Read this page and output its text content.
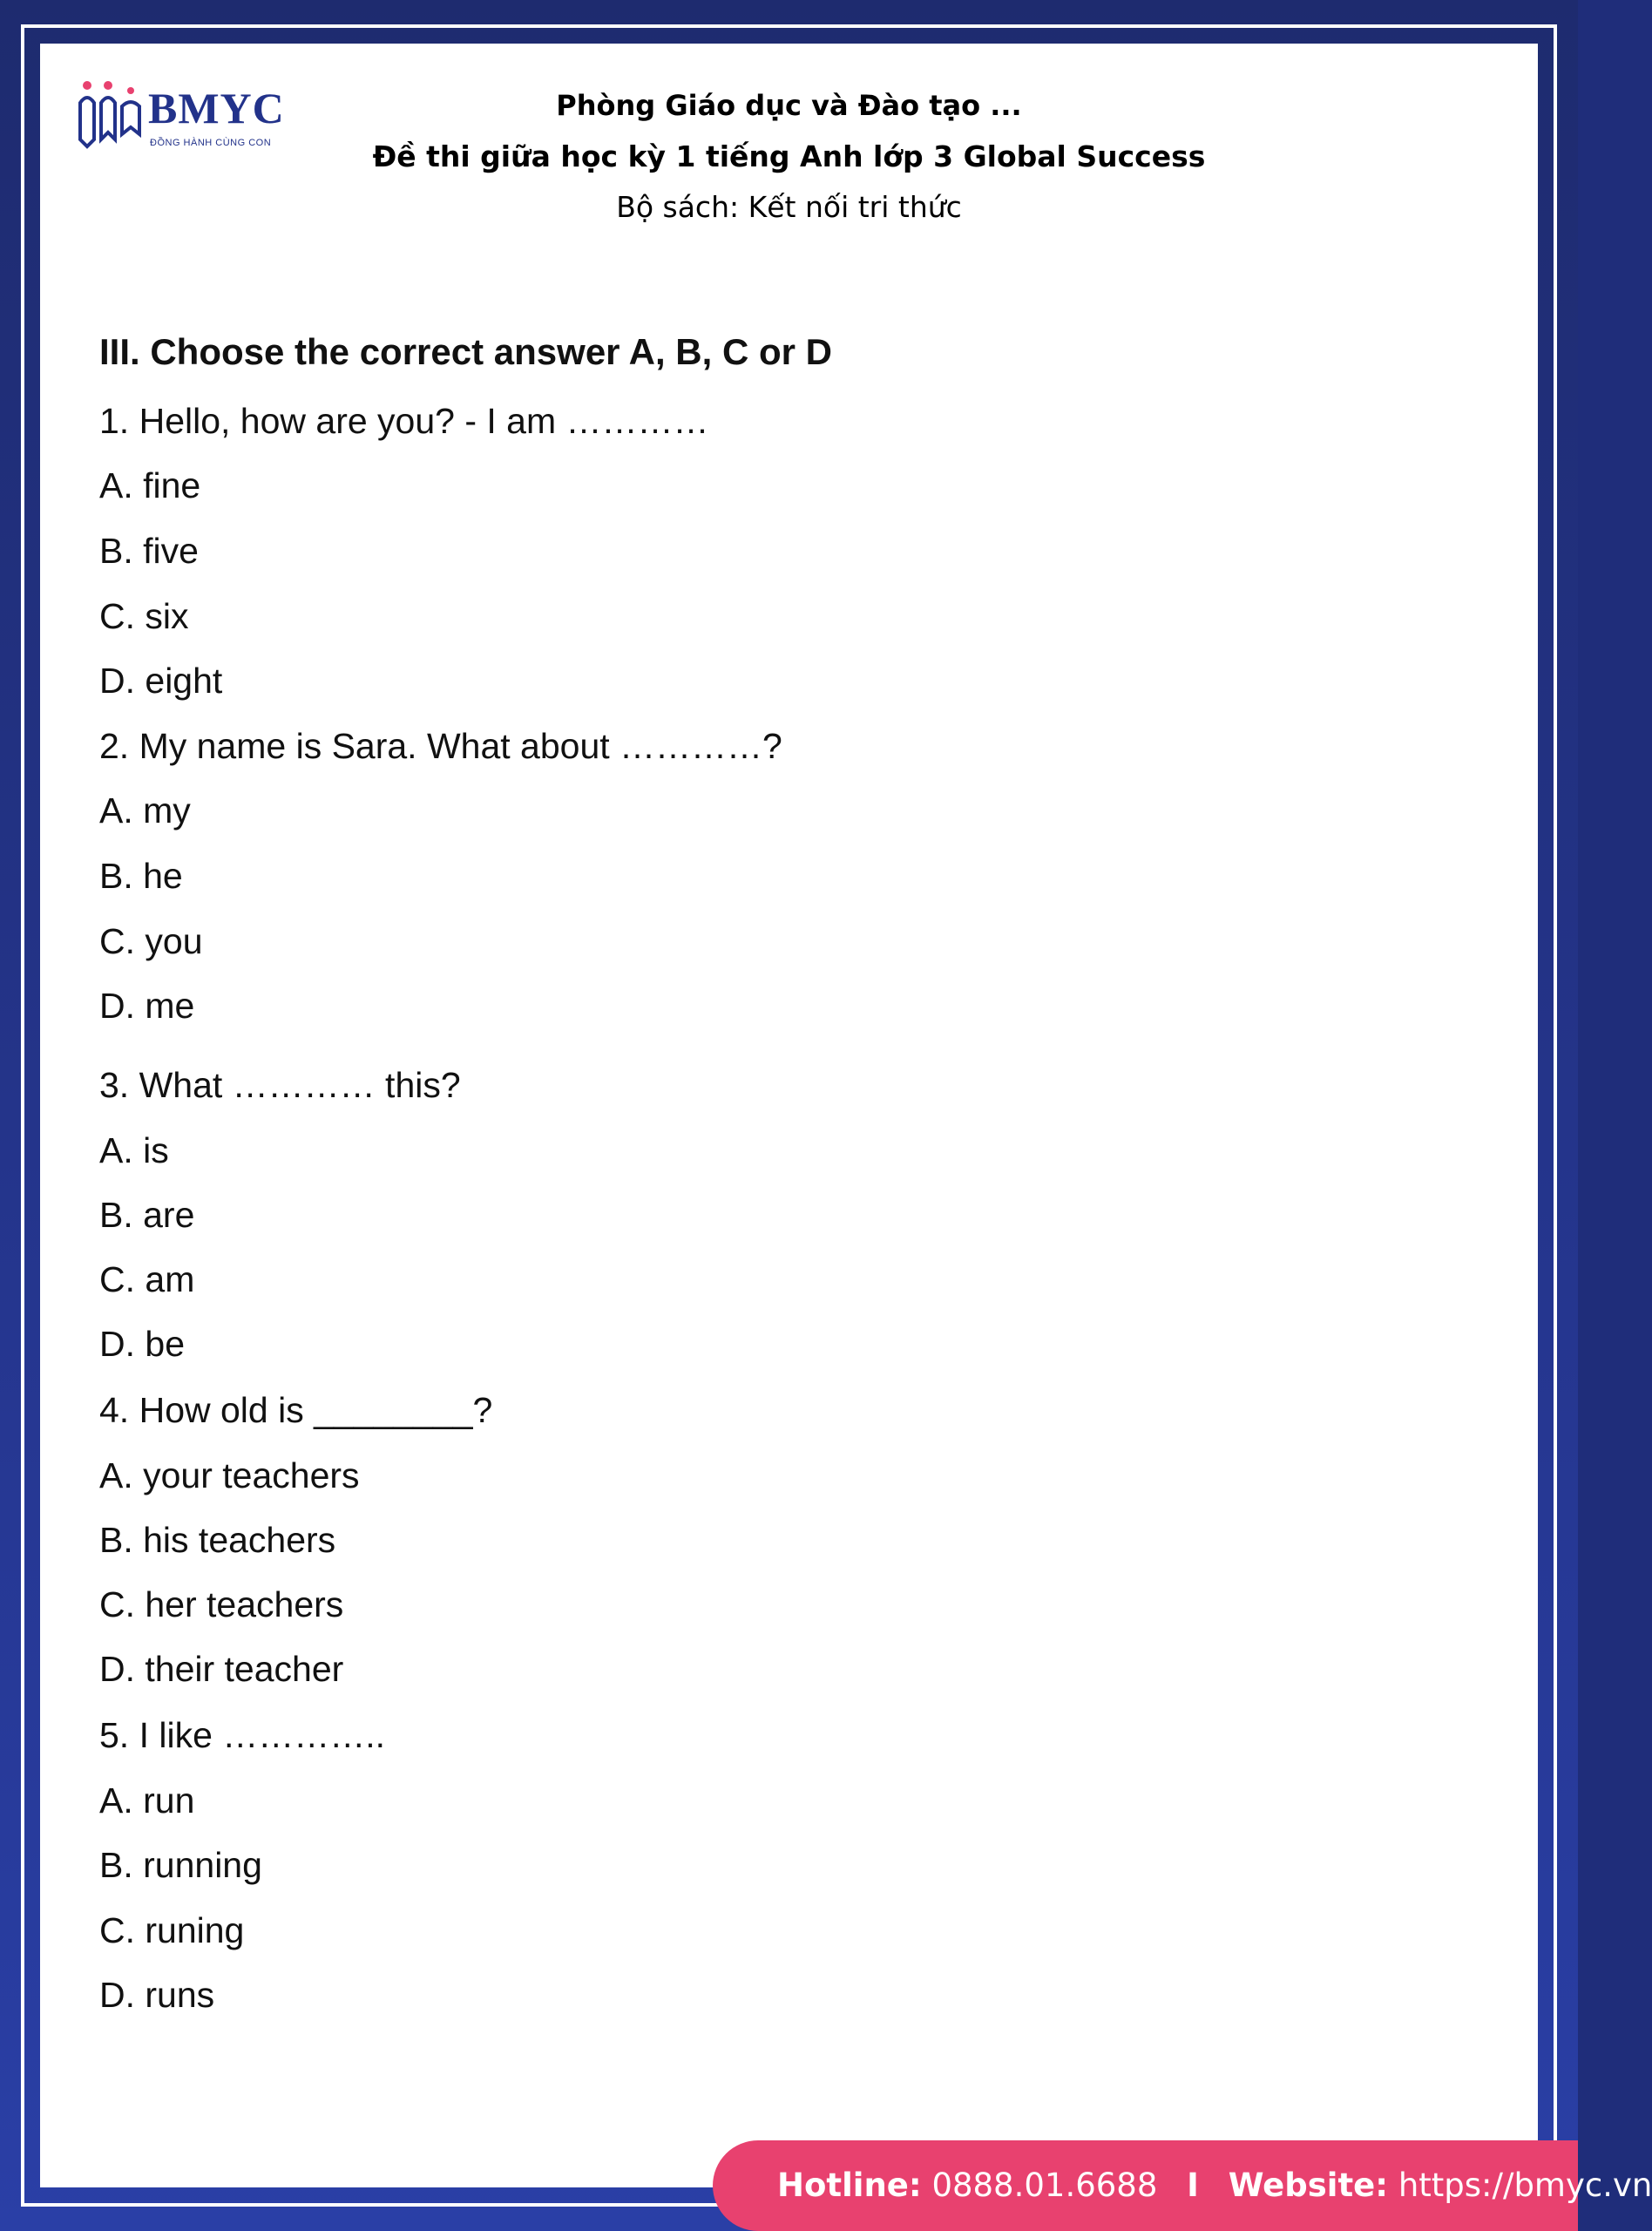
BMYC
ĐỒNG HÀNH CÙNG CON
Phòng Giáo dục và Đào tạo ...
Đề thi giữa học kỳ 1 tiếng Anh lớp 3 Global Success
Bộ sách: Kết nối tri thức
III. Choose the correct answer A, B, C or D
1. Hello, how are you? - I am …………
A. fine
B. five
C. six
D. eight
2. My name is Sara. What about …………?
A. my
B. he
C. you
D. me
3. What ………… this?
A. is
B. are
C. am
D. be
4. How old is ________?
A. your teachers
B. his teachers
C. her teachers
D. their teacher
5. I like …………..
A. run
B. running
C. runing
D. runs
Hotline: 0888.01.6688 I Website: https://bmyc.vn
